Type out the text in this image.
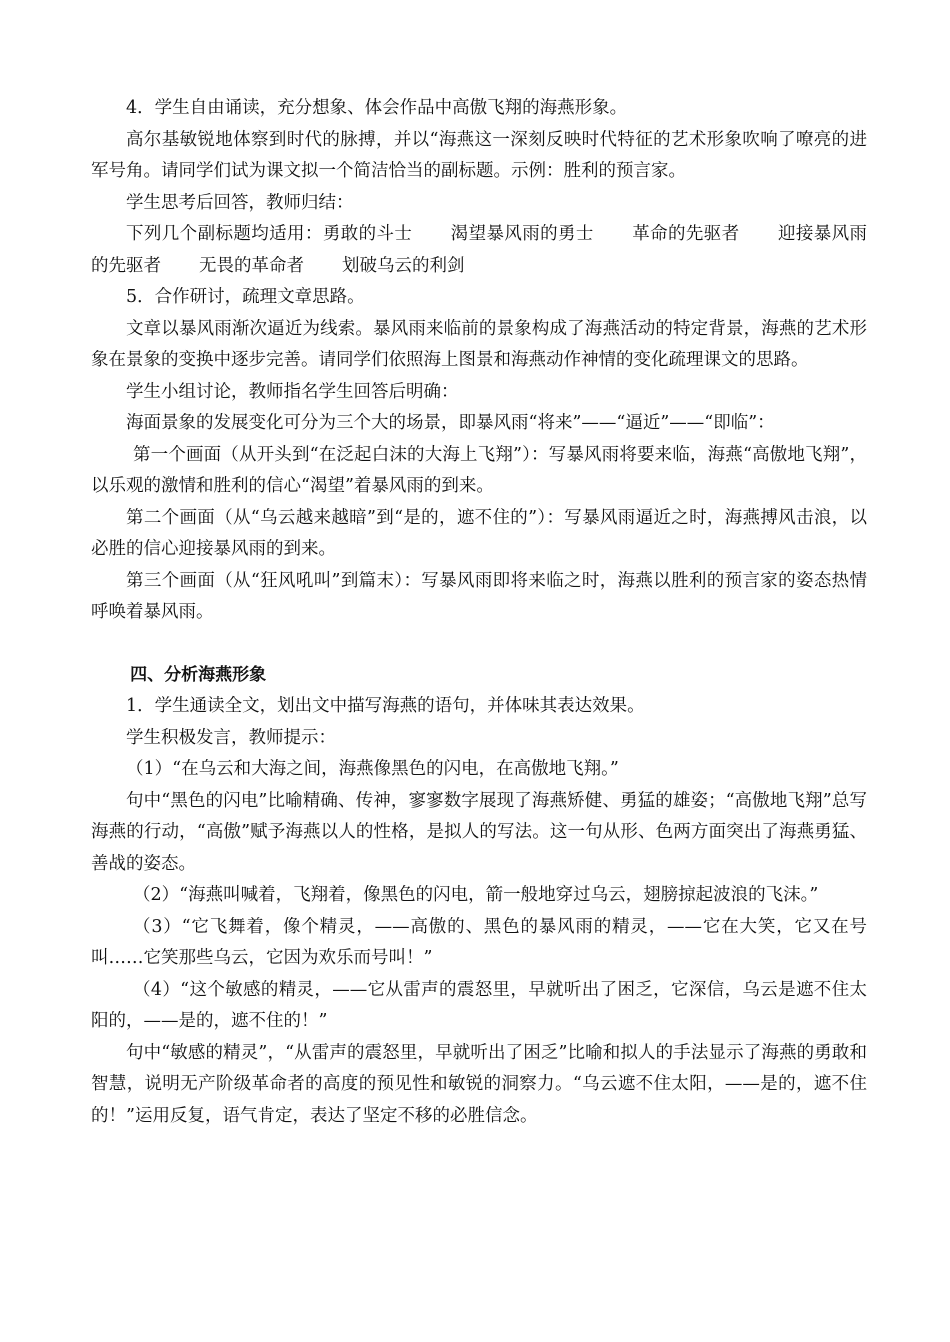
4．学生自由诵读，充分想象、体会作品中高傲飞翔的海燕形象。

高尔基敏锐地体察到时代的脉搏，并以“海燕这一深刻反映时代特征的艺术形象吹响了嘹亮的进军号角。请同学们试为课文拟一个简洁恰当的副标题。示例：胜利的预言家。

学生思考后回答，教师归结：

下列几个副标题均适用：勇敢的斗士 渴望暴风雨的勇士 革命的先驱者 迎接暴风雨的先驱者 无畏的革命者 划破乌云的利剑

5．合作研讨，疏理文章思路。

文章以暴风雨渐次逼近为线索。暴风雨来临前的景象构成了海燕活动的特定背景，海燕的艺术形象在景象的变换中逐步完善。请同学们依照海上图景和海燕动作神情的变化疏理课文的思路。

学生小组讨论，教师指名学生回答后明确：

海面景象的发展变化可分为三个大的场景，即暴风雨“将来”——“逼近”——“即临”：

第一个画面（从开头到“在泛起白沫的大海上飞翔”）：写暴风雨将要来临，海燕“高傲地飞翔”，以乐观的激情和胜利的信心“渴望”着暴风雨的到来。

第二个画面（从“乌云越来越暗”到“是的，遮不住的”）：写暴风雨逼近之时，海燕搏风击浪，以必胜的信心迎接暴风雨的到来。

第三个画面（从“狂风吼叫”到篇末）：写暴风雨即将来临之时，海燕以胜利的预言家的姿态热情呼唤着暴风雨。

四、分析海燕形象

1．学生通读全文，划出文中描写海燕的语句，并体味其表达效果。

学生积极发言，教师提示：

（1）“在乌云和大海之间，海燕像黑色的闪电，在高傲地飞翔。”

句中“黑色的闪电”比喻精确、传神，寥寥数字展现了海燕矫健、勇猛的雄姿；“高傲地飞翔”总写海燕的行动，“高傲”赋予海燕以人的性格，是拟人的写法。这一句从形、色两方面突出了海燕勇猛、善战的姿态。

（2）“海燕叫喊着，飞翔着，像黑色的闪电，箭一般地穿过乌云，翅膀掠起波浪的飞沫。”

（3）“它飞舞着，像个精灵，——高傲的、黑色的暴风雨的精灵，——它在大笑，它又在号叫……它笑那些乌云，它因为欢乐而号叫！”

（4）“这个敏感的精灵，——它从雷声的震怒里，早就听出了困乏，它深信，乌云是遮不住太阳的，——是的，遮不住的！”

句中“敏感的精灵”，“从雷声的震怒里，早就听出了困乏”比喻和拟人的手法显示了海燕的勇敢和智慧，说明无产阶级革命者的高度的预见性和敏锐的洞察力。“乌云遮不住太阳，——是的，遮不住的！”运用反复，语气肯定，表达了坚定不移的必胜信念。
